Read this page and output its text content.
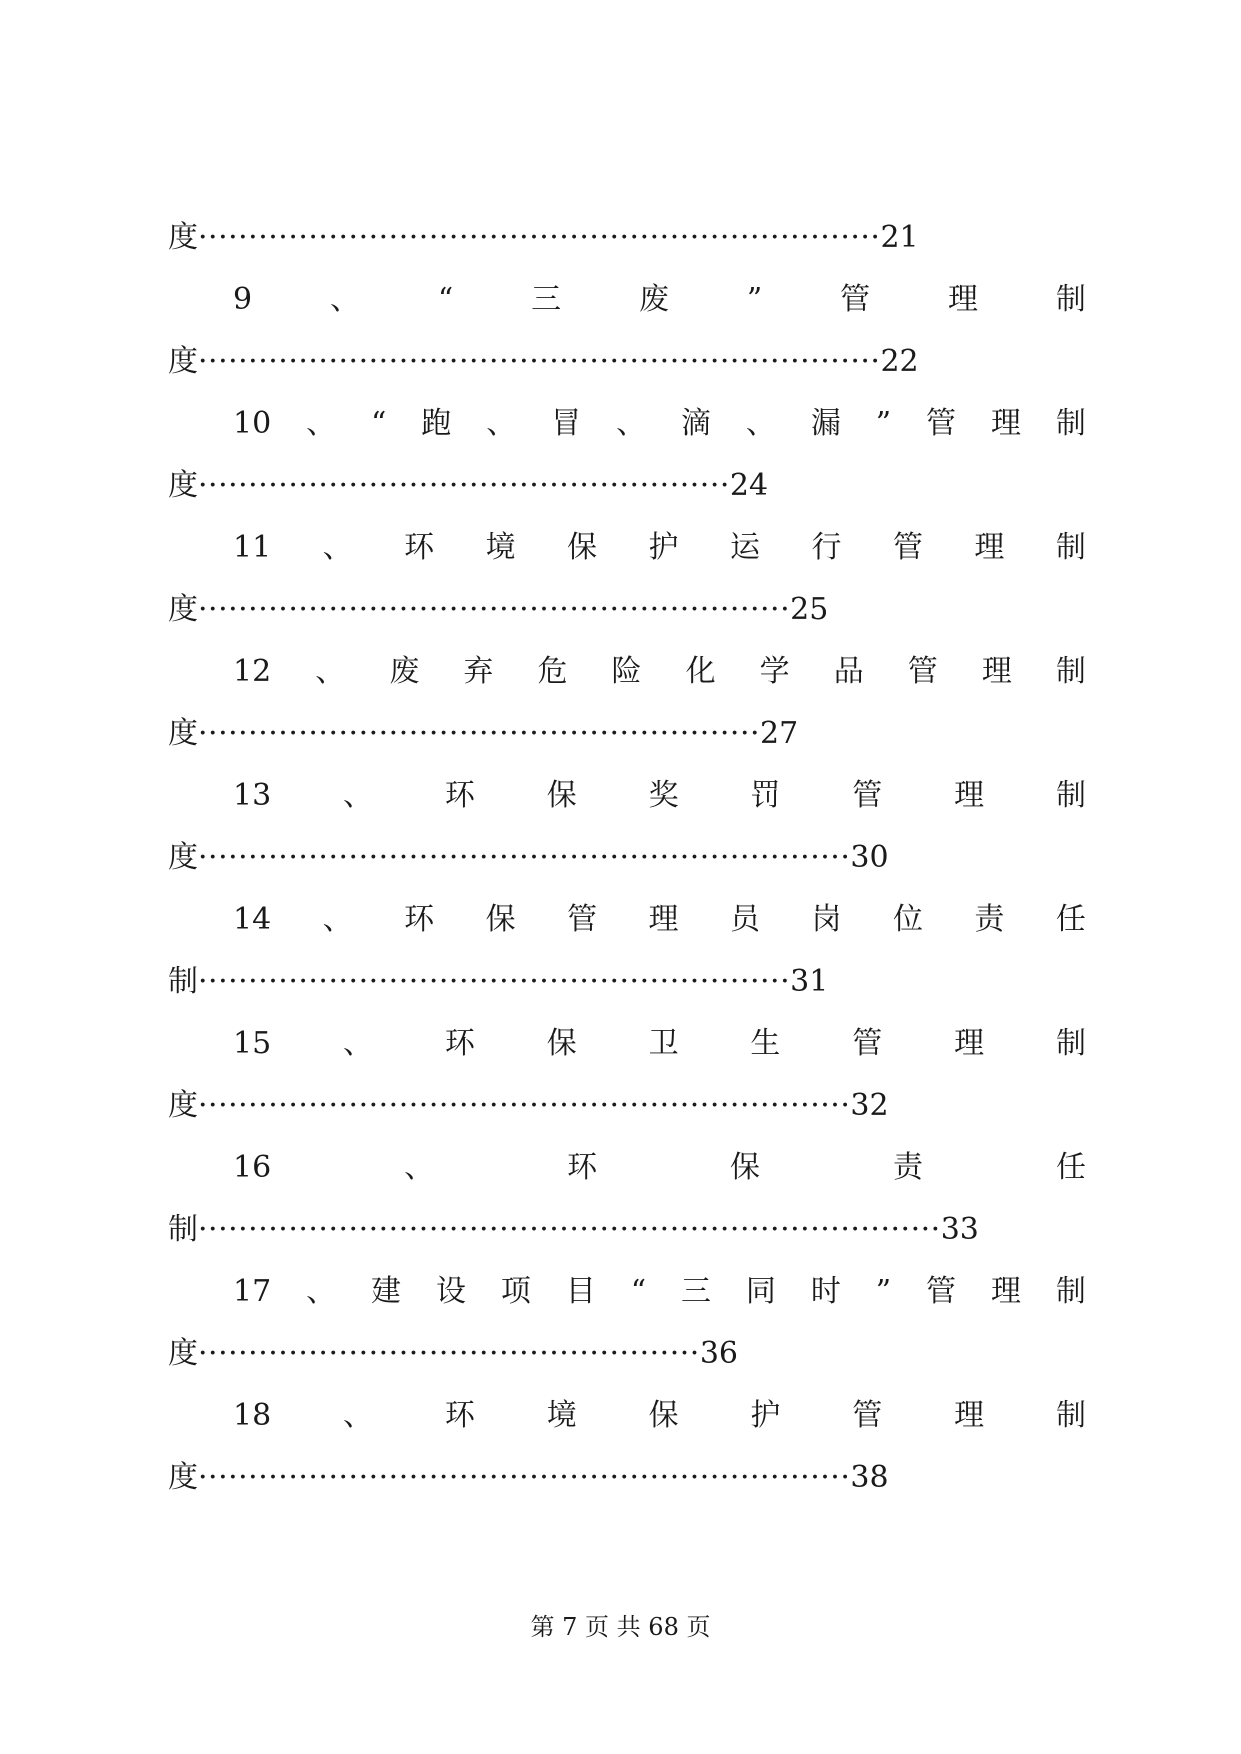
度····································································21
9	、	“	三	废	”	管	理	制
度····································································22
10 、 “ 跑 、 冒 、 滴 、 漏 ” 管 理 制
度·····················································24
11 、 环 境 保 护 运 行 管 理 制
度···························································25
12 、 废 弃 危 险 化 学 品 管 理 制
度························································27
13 、 环 保 奖 罚 管 理 制
度·································································30
14 、 环 保 管 理 员 岗 位 责 任
制···························································31
15 、 环 保 卫 生 管 理 制
度·································································32
16	、	环	保	责	任
制··········································································33
17 、 建 设 项 目 “ 三 同 时 ” 管 理 制
度··················································36
18 、 环 境 保 护 管 理 制
度·································································38
第 7 页 共 68 页
